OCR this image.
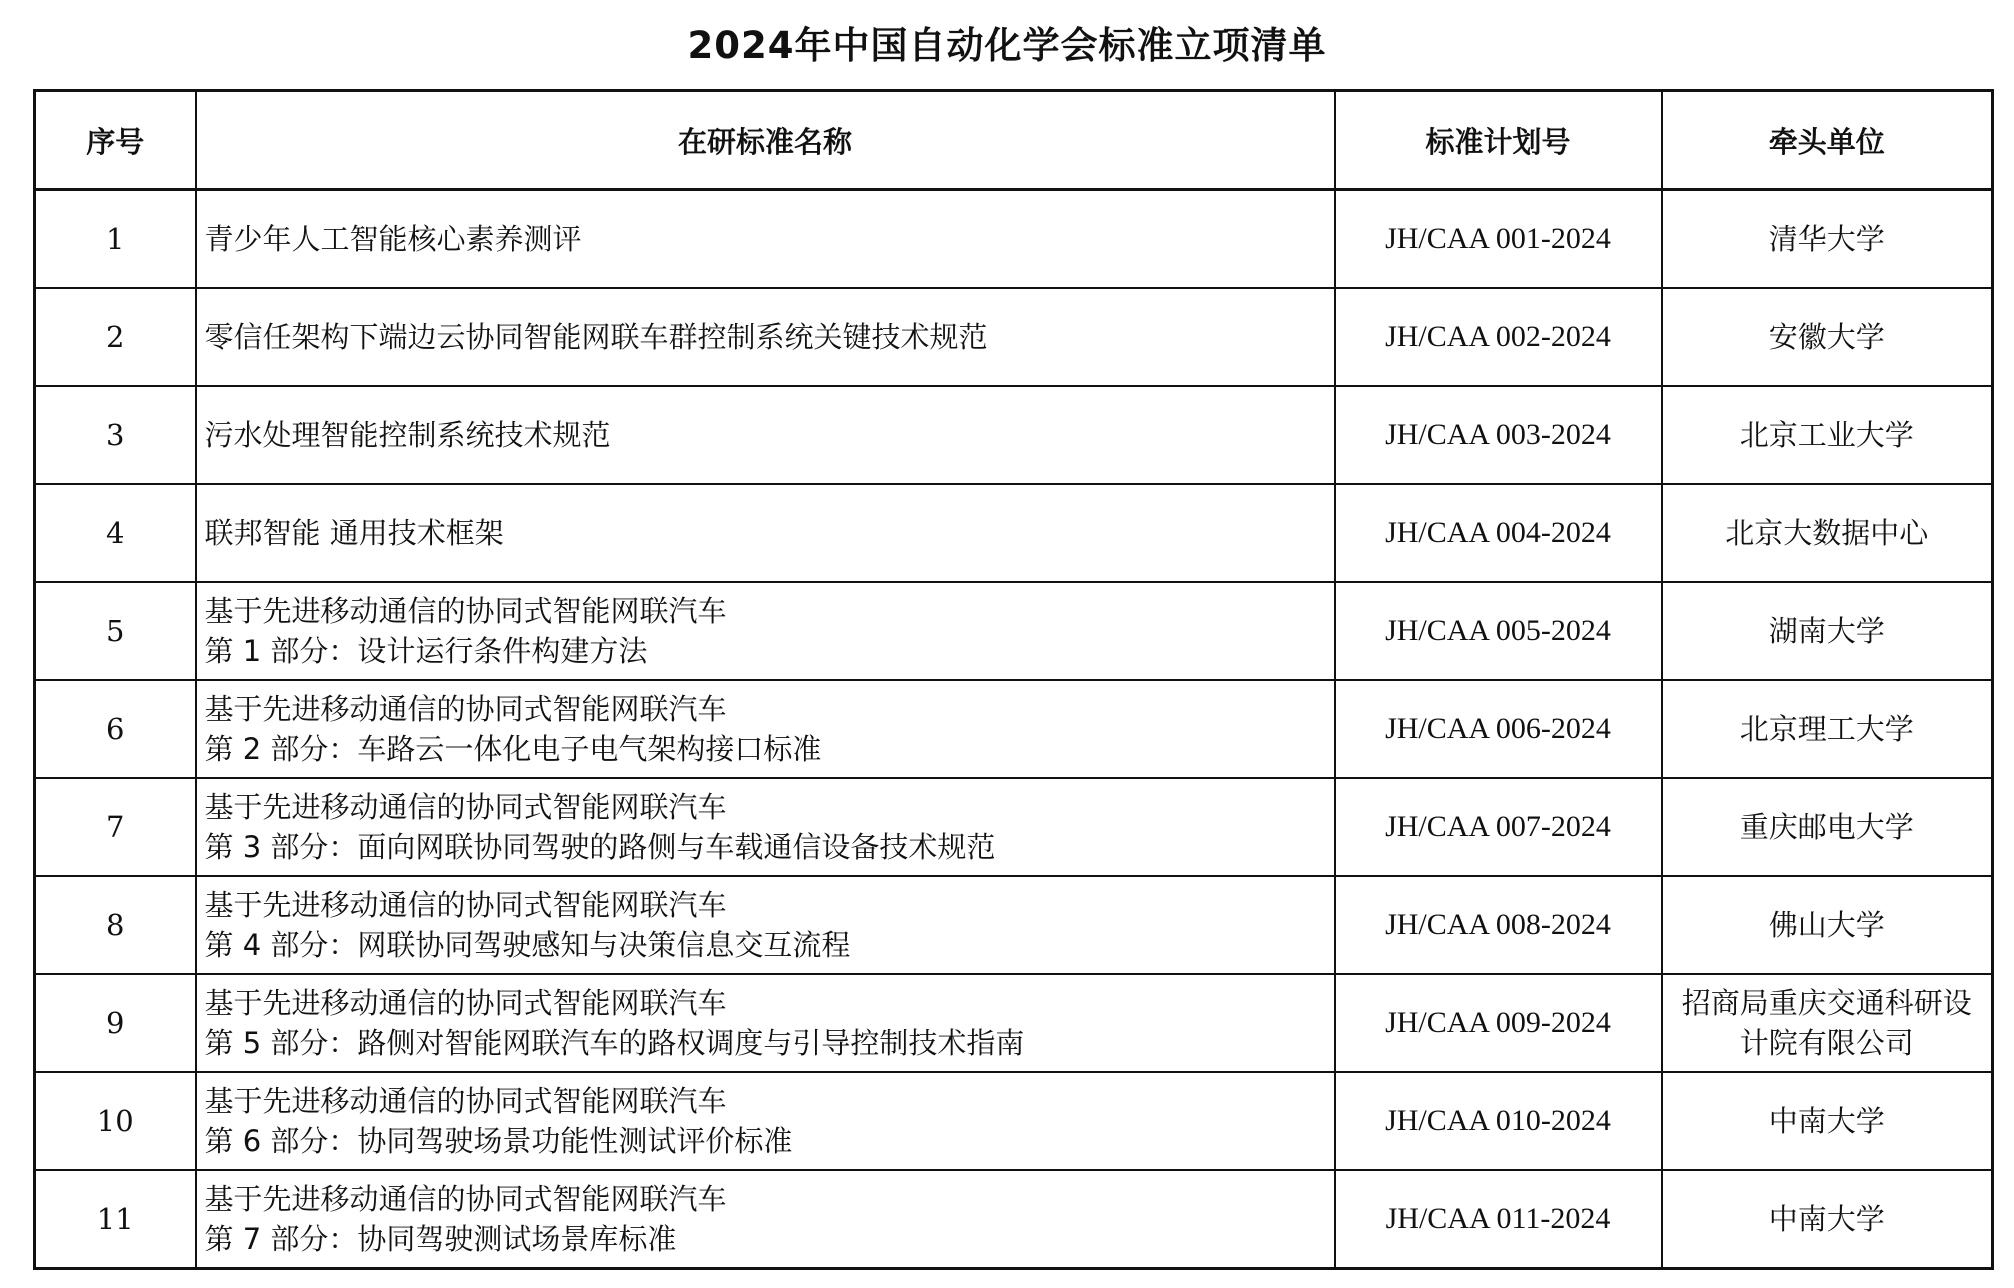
2024年中国自动化学会标准立项清单
序号	在研标准名称	标准计划号	牵头单位
1	青少年人工智能核心素养测评	JH/CAA 001-2024	清华大学
2	零信任架构下端边云协同智能网联车群控制系统关键技术规范	JH/CAA 002-2024	安徽大学
3	污水处理智能控制系统技术规范	JH/CAA 003-2024	北京工业大学
4	联邦智能 通用技术框架	JH/CAA 004-2024	北京大数据中心
5	基于先进移动通信的协同式智能网联汽车
第 1 部分：设计运行条件构建方法	JH/CAA 005-2024	湖南大学
6	基于先进移动通信的协同式智能网联汽车
第 2 部分：车路云一体化电子电气架构接口标准	JH/CAA 006-2024	北京理工大学
7	基于先进移动通信的协同式智能网联汽车
第 3 部分：面向网联协同驾驶的路侧与车载通信设备技术规范	JH/CAA 007-2024	重庆邮电大学
8	基于先进移动通信的协同式智能网联汽车
第 4 部分：网联协同驾驶感知与决策信息交互流程	JH/CAA 008-2024	佛山大学
9	基于先进移动通信的协同式智能网联汽车
第 5 部分：路侧对智能网联汽车的路权调度与引导控制技术指南	JH/CAA 009-2024	招商局重庆交通科研设计院有限公司
10	基于先进移动通信的协同式智能网联汽车
第 6 部分：协同驾驶场景功能性测试评价标准	JH/CAA 010-2024	中南大学
11	基于先进移动通信的协同式智能网联汽车
第 7 部分：协同驾驶测试场景库标准	JH/CAA 011-2024	中南大学
